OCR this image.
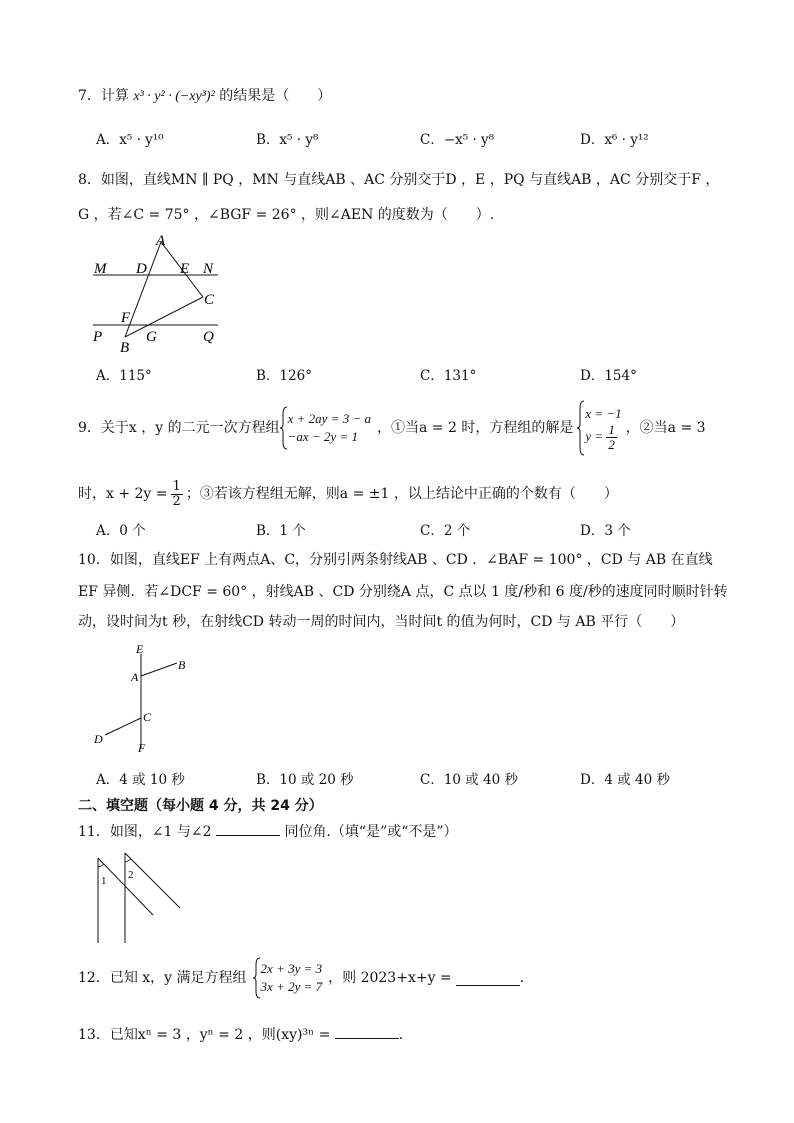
7．计算 x³ · y² · (−xy³)² 的结果是（　　）
A．x⁵ · y¹⁰	B．x⁵ · y⁸	C．−x⁵ · y⁸	D．x⁶ · y¹²
8．如图，直线MN ∥ PQ ，MN 与直线AB 、AC 分别交于D ，E ，PQ 与直线AB ，AC 分别交于F ，
G ，若∠C = 75° ，∠BGF = 26° ，则∠AEN 的度数为（　　）.
A
M D E N
C
F
P
B
G	Q
A．115°	B．126°	C．131°	D．154°
9． 关于x ，y 的二元一次方程组
x + 2ay = 3 − a
−ax − 2y = 1
，①当a = 2 时，方程组的解是
x = −1
$y = \frac{1}{2}$ ，②当a = 3
时，$x + 2y = \frac{1}{2}$ ；③若该方程组无解，则a = ±1 ，以上结论中正确的个数有（　　）
A．0 个	B．1 个	C．2 个	D．3 个
10．如图，直线EF 上有两点A、C，分别引两条射线AB 、CD ．∠BAF = 100° ，CD 与 AB 在直线
EF 异侧．若∠DCF = 60° ，射线AB 、CD 分别绕A 点，C 点以 1 度/秒和 6 度/秒的速度同时顺时针转
动，设时间为t 秒，在射线CD 转动一周的时间内，当时间t 的值为何时，CD 与 AB 平行（　　）
E
B
A
C
D
F
A．4 或 10 秒	B．10 或 20 秒	C．10 或 40 秒	D．4 或 40 秒
二、填空题（每小题 4 分，共 24 分）
11．如图，∠1 与∠2	同位角.（填“是”或“不是”）
1 2
12． 已知 x，y 满足方程组
2x + 3y = 3
3x + 2y = 7
，则 2023+x+y =	.
13．已知xⁿ = 3 ，yⁿ = 2 ，则(xy)³ⁿ =	.
